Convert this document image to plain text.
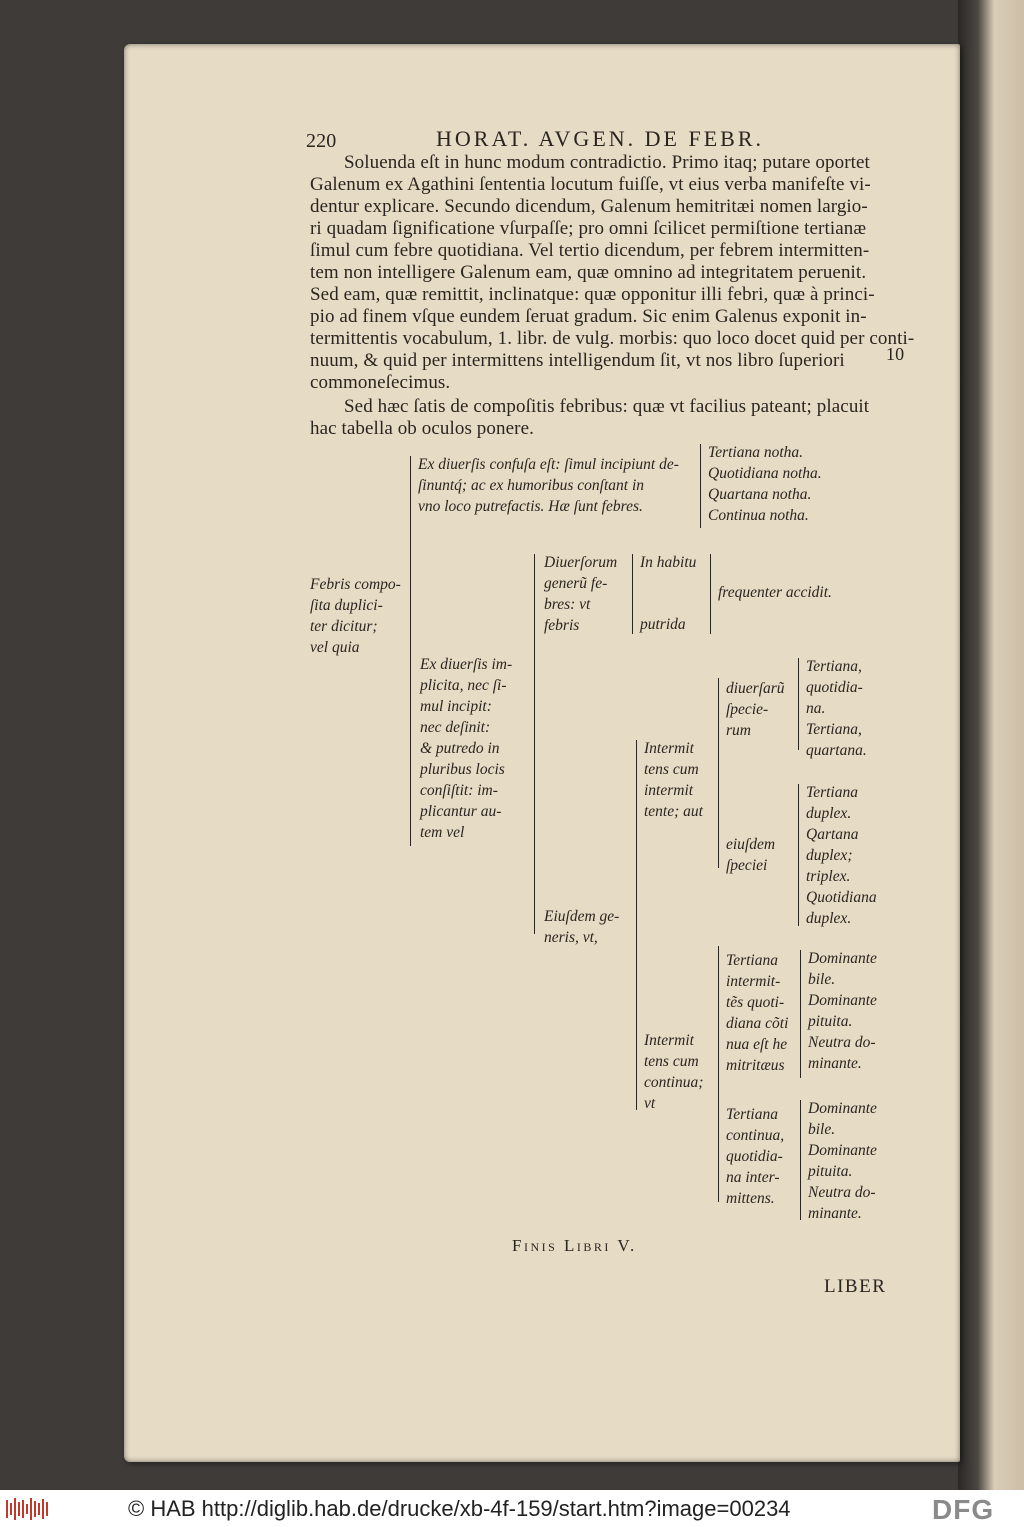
220	HORAT. AVGEN. DE FEBR.
Soluenda eſt in hunc modum contradictio. Primo itaq; putare oportet
Galenum ex Agathini ſententia locutum fuiſſe, vt eius verba manifeſte vi-
dentur explicare. Secundo dicendum, Galenum hemitritæi nomen largio-
ri quadam ſignificatione vſurpaſſe; pro omni ſcilicet permiſtione tertianæ
ſimul cum febre quotidiana. Vel tertio dicendum, per febrem intermitten-
tem non intelligere Galenum eam, quæ omnino ad integritatem peruenit.
Sed eam, quæ remittit, inclinatque: quæ opponitur illi febri, quæ à princi-
pio ad finem vſque eundem ſeruat gradum. Sic enim Galenus exponit in-
termittentis vocabulum, 1. libr. de vulg. morbis: quo loco docet quid per conti-
nuum, & quid per intermittens intelligendum ſit, vt nos libro ſuperiori
commoneſecimus.
Sed hæc ſatis de compoſitis febribus: quæ vt facilius pateant; placuit
hac tabella ob oculos ponere.
10
Febris compo-
ſita duplici-
ter dicitur;
vel quia
Ex diuerſis confuſa eſt: ſimul incipiunt de-
ſinuntq́; ac ex humoribus conſtant in
vno loco putrefactis. Hæ ſunt febres.
Tertiana notha.
Quotidiana notha.
Quartana notha.
Continua notha.
Ex diuerſis im-
plicita, nec ſi-
mul incipit:
nec deſinit:
& putredo in
pluribus locis
conſiſtit: im-
plicantur au-
tem vel
Diuerſorum
generũ fe-
bres: vt
febris
In habitu
putrida
frequenter accidit.
Eiuſdem ge-
neris, vt,
Intermit
tens cum
intermit
tente; aut
Intermit
tens cum
continua;
vt
diuerſarũ
ſpecie-
rum
Tertiana,
quotidia-
na.
Tertiana,
quartana.
eiuſdem
ſpeciei
Tertiana
duplex.
Qartana
duplex;
triplex.
Quotidiana
duplex.
Tertiana
intermit-
tẽs quoti-
diana cõti
nua eſt he
mitritæus
Dominante
bile.
Dominante
pituita.
Neutra do-
minante.
Tertiana
continua,
quotidia-
na inter-
mittens.
Dominante
bile.
Dominante
pituita.
Neutra do-
minante.
Finis Libri V.
LIBER
© HAB http://diglib.hab.de/drucke/xb-4f-159/start.htm?image=00234	DFG
